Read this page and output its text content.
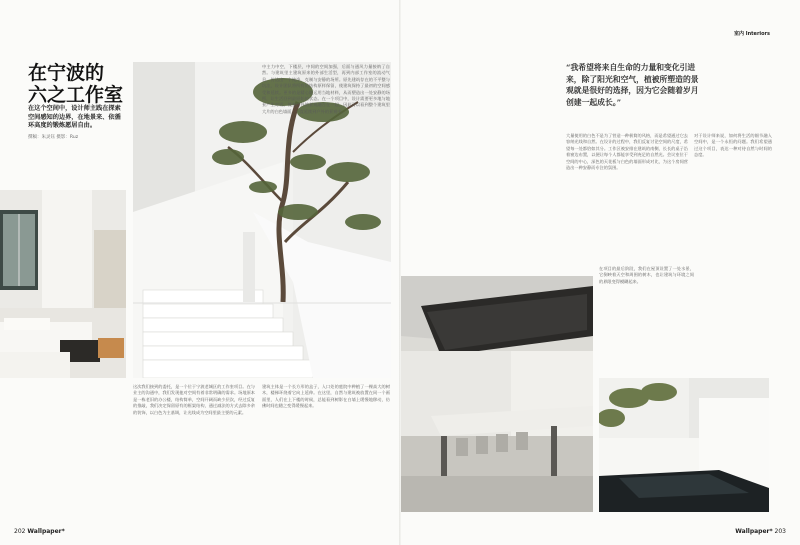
在宁波的
六之工作室
在这个空间中，设计师主践在探索空间感知的边界，在地景来、依循环高度的锻炼愿居自由。
撰稿：朱灵钰 摄影：Ruz
中主力中空，下楼层，中间的空间加强，后面与通风力量接纳了自然。与建筑里主建筑原来的外部生活型，再到内部工作室的流动气息，传达出一个纯净、克制与安静的场所。原先建筑存在的不平整与坑洼，设计团队将所有的结构原样保留，使建筑保持了最初的空间感受和延续。更多的是精心地运用当地材料，从而塑造出一处安静的场所，让生活回到最原始的状态。在一个项目中，设计需要更多地与地景产生对话，使室内外的景观融合在一起，因此可以看到整个建筑里大片的白色墙面，一直延续到户外的景观中。
这次我们接到的委托，是一个位于宁波老城区的工作室项目。在与业主的沟通中，我们发现他对空间有着非常明确的需求。场地原本是一栋老旧的办公楼，结构简单，空间开阔而缺少层次，经过反复的推敲，我们决定保留原有的框架结构，通过减法的方式去除多余的装饰，以白色为主基调，让光线成为空间里最主要的元素。
建筑主体是一个长方形的盒子，入口处的庭院中种植了一棵高大的树木，楼梯环绕着它向上延伸。在这里，自然与建筑被放置在同一个画面里，人们在上下楼的时候，总能看到树影在白墙上缓慢地移动，仿佛时间也随之变得缓慢起来。
室内 Interiors
“我希望将来自生命的力量和变化引进来，除了阳光和空气，植被所塑造的景观就是很好的选择，因为它会随着岁月创建一起成长。”
大量使用的白色不是为了营造一种极简的风格，而是希望通过它去容纳光线和自然。在设计的过程中，我们反复讨论空间的尺度，希望每一处都恰如其分。工作区被安排在建筑的南侧，长长的桌子沿着窗边布置，以便让每个人都能享受到充足的自然光。会议室位于空间的中心，深色的天花板与白色的墙面形成对比，为这个房间营造出一种安静而专注的氛围。
对于设计师来说，如何将生活的细节融入空间中，是一个永恒的问题。我们希望通过这个项目，表达一种对待自然与时间的态度。
在项目的最后阶段，我们在屋顶设置了一处水景，它倒映着天空和周围的树木，也让建筑与环境之间的界限变得模糊起来。
202 Wallpaper*	Wallpaper* 203
